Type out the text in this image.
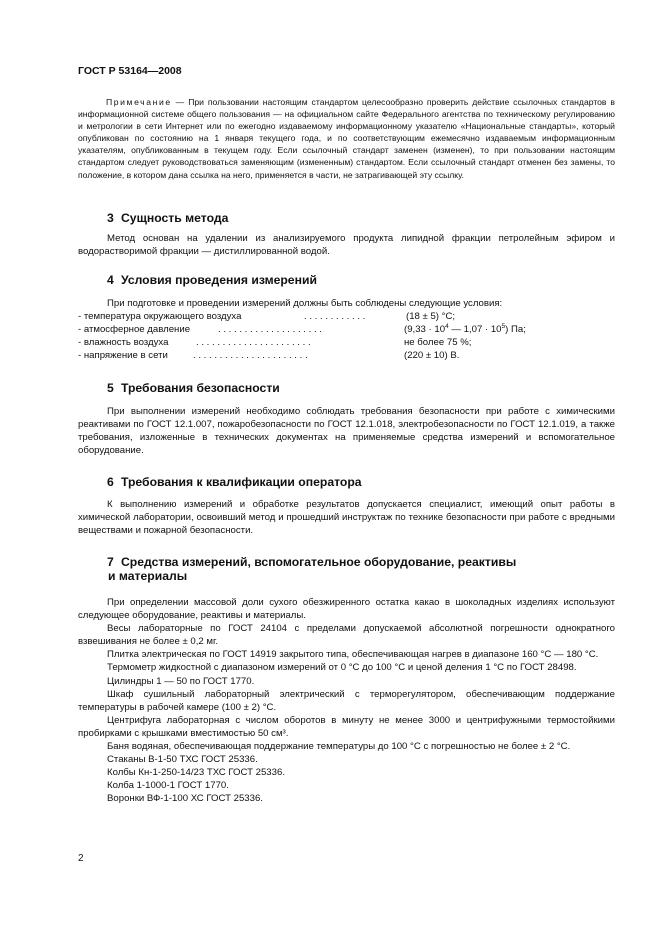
ГОСТ Р 53164—2008

Примечание — При пользовании настоящим стандартом целесообразно проверить действие ссылочных стандартов в информационной системе общего пользования — на официальном сайте Федерального агентства по техническому регулированию и метрологии в сети Интернет или по ежегодно издаваемому информационному указателю «Национальные стандарты», который опубликован по состоянию на 1 января текущего года, и по соответствующим ежемесячно издаваемым информационным указателям, опубликованным в текущем году. Если ссылочный стандарт заменен (изменен), то при пользовании настоящим стандартом следует руководствоваться заменяющим (измененным) стандартом. Если ссылочный стандарт отменен без замены, то положение, в котором дана ссылка на него, применяется в части, не затрагивающей эту ссылку.

3 Сущность метода

Метод основан на удалении из анализируемого продукта липидной фракции петролейным эфиром и водорастворимой фракции — дистиллированной водой.

4 Условия проведения измерений

При подготовке и проведении измерений должны быть соблюдены следующие условия:

- температура окружающего воздуха	. . . . . . . . . . . .	(18 ± 5) °С;
- атмосферное давление	. . . . . . . . . . . . . . . . . . . .	($9,33 \cdot 10^4$ — $1,07 \cdot 10^5$) Па;
- влажность воздуха	. . . . . . . . . . . . . . . . . . . . . .	не более 75 %;
- напряжение в сети	. . . . . . . . . . . . . . . . . . . . . .	(220 ± 10) В.
5 Требования безопасности

При выполнении измерений необходимо соблюдать требования безопасности при работе с химическими реактивами по ГОСТ 12.1.007, пожаробезопасности по ГОСТ 12.1.018, электробезопасности по ГОСТ 12.1.019, а также требования, изложенные в технических документах на применяемые средства измерений и вспомогательное оборудование.

6 Требования к квалификации оператора

К выполнению измерений и обработке результатов допускается специалист, имеющий опыт работы в химической лаборатории, освоивший метод и прошедший инструктаж по технике безопасности при работе с вредными веществами и пожарной безопасности.

7 Средства измерений, вспомогательное оборудование, реактивы
и материалы

При определении массовой доли сухого обезжиренного остатка какао в шоколадных изделиях используют следующее оборудование, реактивы и материалы.

Весы лабораторные по ГОСТ 24104 с пределами допускаемой абсолютной погрешности однократного взвешивания не более ± 0,2 мг.

Плитка электрическая по ГОСТ 14919 закрытого типа, обеспечивающая нагрев в диапазоне 160 °С — 180 °С.

Термометр жидкостной с диапазоном измерений от 0 °С до 100 °С и ценой деления 1 °С по ГОСТ 28498.

Цилиндры 1 — 50 по ГОСТ 1770.

Шкаф сушильный лабораторный электрический с терморегулятором, обеспечивающим поддержание температуры в рабочей камере (100 ± 2) °С.

Центрифуга лабораторная с числом оборотов в минуту не менее 3000 и центрифужными термостойкими пробирками с крышками вместимостью 50 см³.

Баня водяная, обеспечивающая поддержание температуры до 100 °С с погрешностью не более ± 2 °С.

Стаканы В-1-50 ТХС ГОСТ 25336.

Колбы Кн-1-250-14/23 ТХС ГОСТ 25336.

Колба 1-1000-1 ГОСТ 1770.

Воронки ВФ-1-100 ХС ГОСТ 25336.

2
